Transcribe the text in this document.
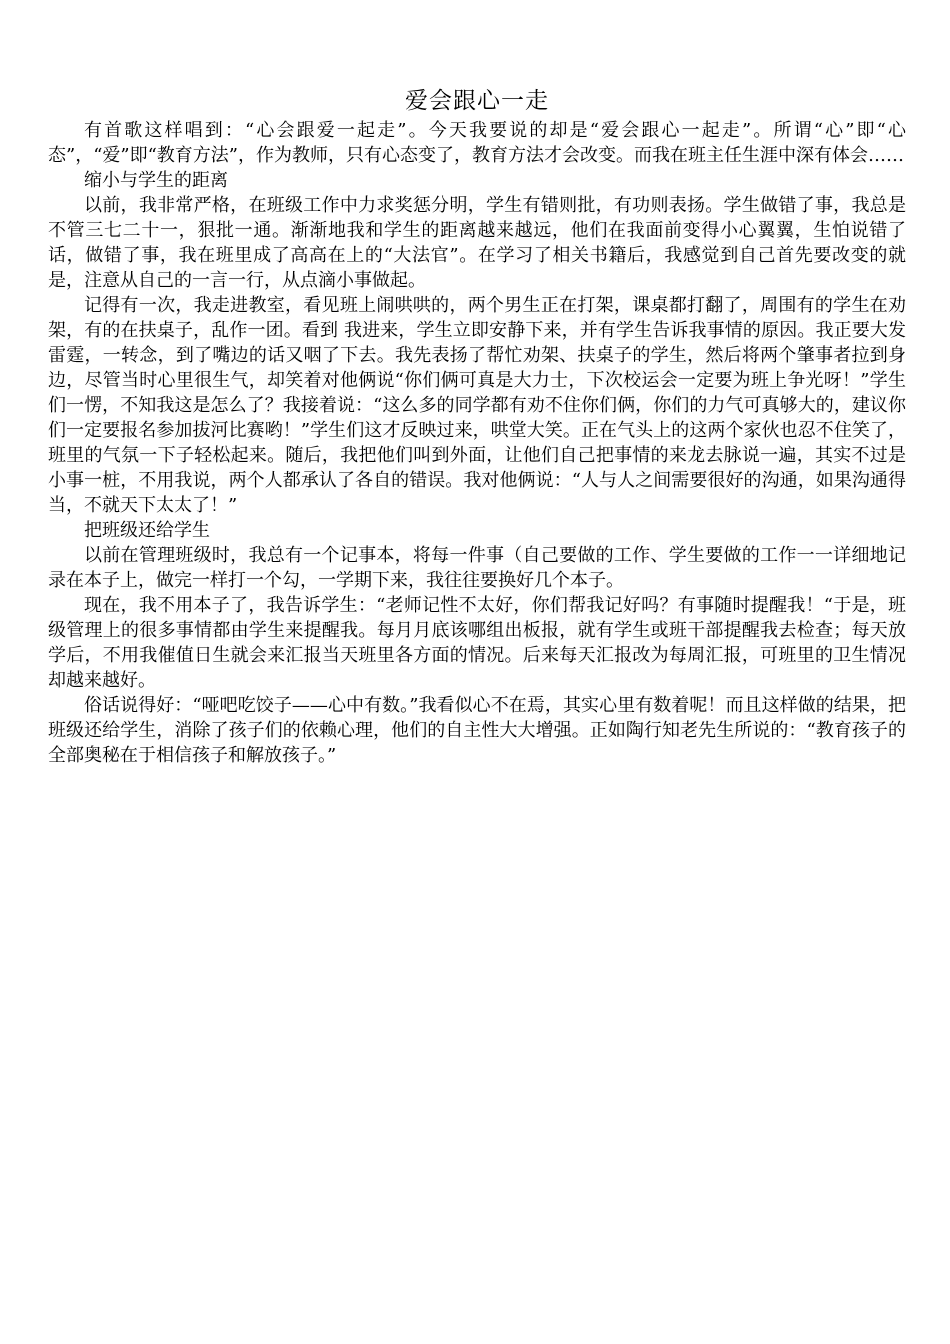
爱会跟心一走

有首歌这样唱到：“心会跟爱一起走”。今天我要说的却是“爱会跟心一起走”。所谓“心”即“心态”，“爱”即“教育方法”，作为教师，只有心态变了，教育方法才会改变。而我在班主任生涯中深有体会……

缩小与学生的距离

以前，我非常严格，在班级工作中力求奖惩分明，学生有错则批，有功则表扬。学生做错了事，我总是不管三七二十一，狠批一通。渐渐地我和学生的距离越来越远，他们在我面前变得小心翼翼，生怕说错了话，做错了事，我在班里成了高高在上的“大法官”。在学习了相关书籍后，我感觉到自己首先要改变的就是，注意从自己的一言一行，从点滴小事做起。

记得有一次，我走进教室，看见班上闹哄哄的，两个男生正在打架，课桌都打翻了，周围有的学生在劝架，有的在扶桌子，乱作一团。看到 我进来，学生立即安静下来，并有学生告诉我事情的原因。我正要大发雷霆，一转念，到了嘴边的话又咽了下去。我先表扬了帮忙劝架、扶桌子的学生，然后将两个肇事者拉到身边，尽管当时心里很生气，却笑着对他俩说“你们俩可真是大力士，下次校运会一定要为班上争光呀！”学生们一愣，不知我这是怎么了？我接着说：“这么多的同学都有劝不住你们俩，你们的力气可真够大的，建议你们一定要报名参加拔河比赛哟！”学生们这才反映过来，哄堂大笑。正在气头上的这两个家伙也忍不住笑了，班里的气氛一下子轻松起来。随后，我把他们叫到外面，让他们自己把事情的来龙去脉说一遍，其实不过是小事一桩，不用我说，两个人都承认了各自的错误。我对他俩说：“人与人之间需要很好的沟通，如果沟通得当，不就天下太太了！”

把班级还给学生

以前在管理班级时，我总有一个记事本，将每一件事（自己要做的工作、学生要做的工作一一详细地记录在本子上，做完一样打一个勾，一学期下来，我往往要换好几个本子。

现在，我不用本子了，我告诉学生：“老师记性不太好，你们帮我记好吗？有事随时提醒我！“于是，班级管理上的很多事情都由学生来提醒我。每月月底该哪组出板报，就有学生或班干部提醒我去检查；每天放学后，不用我催值日生就会来汇报当天班里各方面的情况。后来每天汇报改为每周汇报，可班里的卫生情况却越来越好。

俗话说得好：“哑吧吃饺子——心中有数。”我看似心不在焉，其实心里有数着呢！而且这样做的结果，把班级还给学生，消除了孩子们的依赖心理，他们的自主性大大增强。正如陶行知老先生所说的：“教育孩子的全部奥秘在于相信孩子和解放孩子。”
